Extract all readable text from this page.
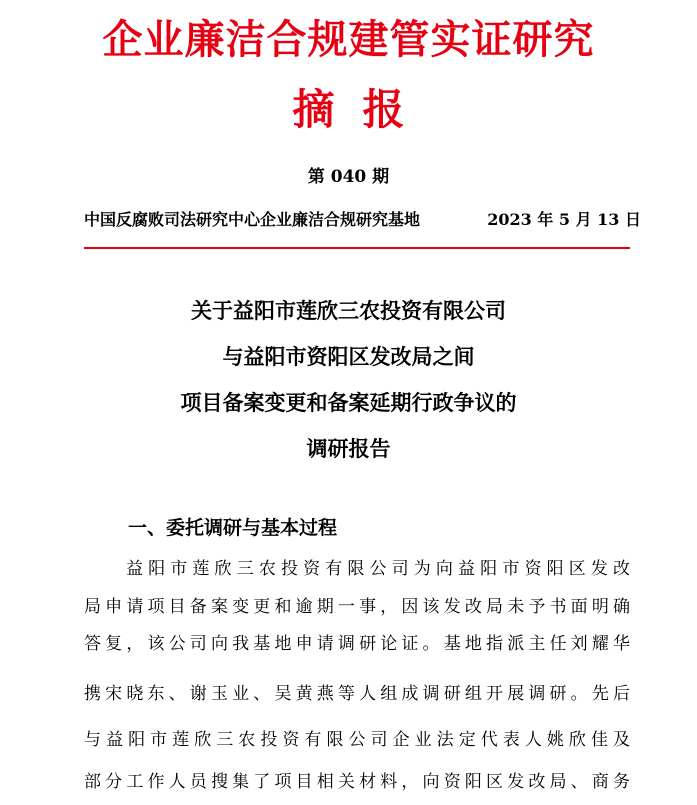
企业廉洁合规建管实证研究
摘报
第 040 期
中国反腐败司法研究中心企业廉洁合规研究基地	2023 年 5 月 13 日
关于益阳市莲欣三农投资有限公司
与益阳市资阳区发改局之间
项目备案变更和备案延期行政争议的
调研报告
一、委托调研与基本过程
益阳市莲欣三农投资有限公司为向益阳市资阳区发改
局申请项目备案变更和逾期一事，因该发改局未予书面明确
答复，该公司向我基地申请调研论证。基地指派主任刘耀华
携宋晓东、谢玉业、吴黄燕等人组成调研组开展调研。先后
与益阳市莲欣三农投资有限公司企业法定代表人姚欣佳及
部分工作人员搜集了项目相关材料，向资阳区发改局、商务
